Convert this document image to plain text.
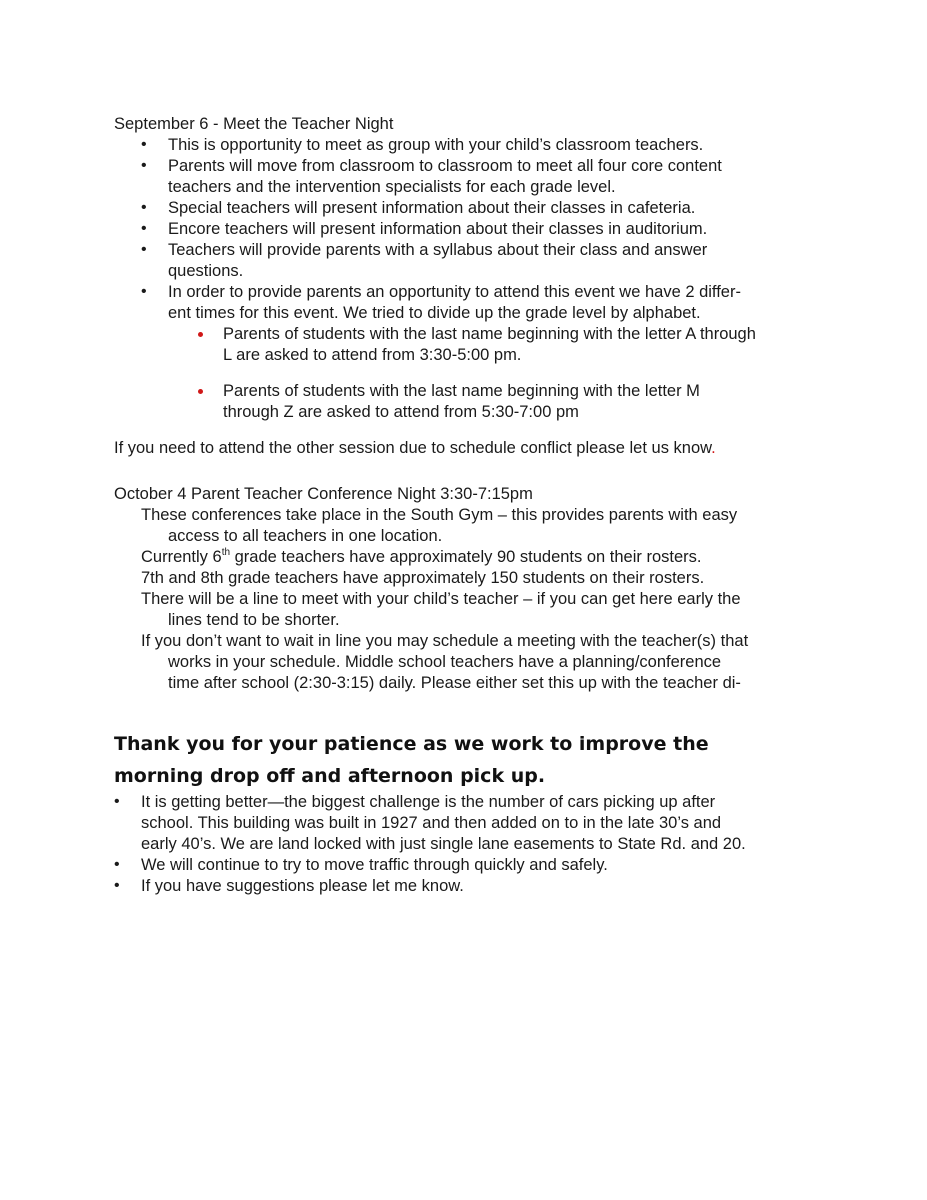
September 6 - Meet the Teacher Night

• This is opportunity to meet as group with your child’s classroom teachers.

• Parents will move from classroom to classroom to meet all four core content

teachers and the intervention specialists for each grade level.

• Special teachers will present information about their classes in cafeteria.

• Encore teachers will present information about their classes in auditorium.

• Teachers will provide parents with a syllabus about their class and answer

questions.

• In order to provide parents an opportunity to attend this event we have 2 differ-

ent times for this event. We tried to divide up the grade level by alphabet.

Parents of students with the last name beginning with the letter A through

L are asked to attend from 3:30-5:00 pm.

Parents of students with the last name beginning with the letter M

through Z are asked to attend from 5:30-7:00 pm

If you need to attend the other session due to schedule conflict please let us know.

October 4 Parent Teacher Conference Night 3:30-7:15pm

These conferences take place in the South Gym – this provides parents with easy

access to all teachers in one location.

Currently 6th grade teachers have approximately 90 students on their rosters.

7th and 8th grade teachers have approximately 150 students on their rosters.

There will be a line to meet with your child’s teacher – if you can get here early the

lines tend to be shorter.

If you don’t want to wait in line you may schedule a meeting with the teacher(s) that

works in your schedule. Middle school teachers have a planning/conference

time after school (2:30-3:15) daily. Please either set this up with the teacher di-

Thank you for your patience as we work to improve the

morning drop off and afternoon pick up.

• It is getting better—the biggest challenge is the number of cars picking up after

school. This building was built in 1927 and then added on to in the late 30’s and

early 40’s. We are land locked with just single lane easements to State Rd. and 20.

• We will continue to try to move traffic through quickly and safely.

• If you have suggestions please let me know.
